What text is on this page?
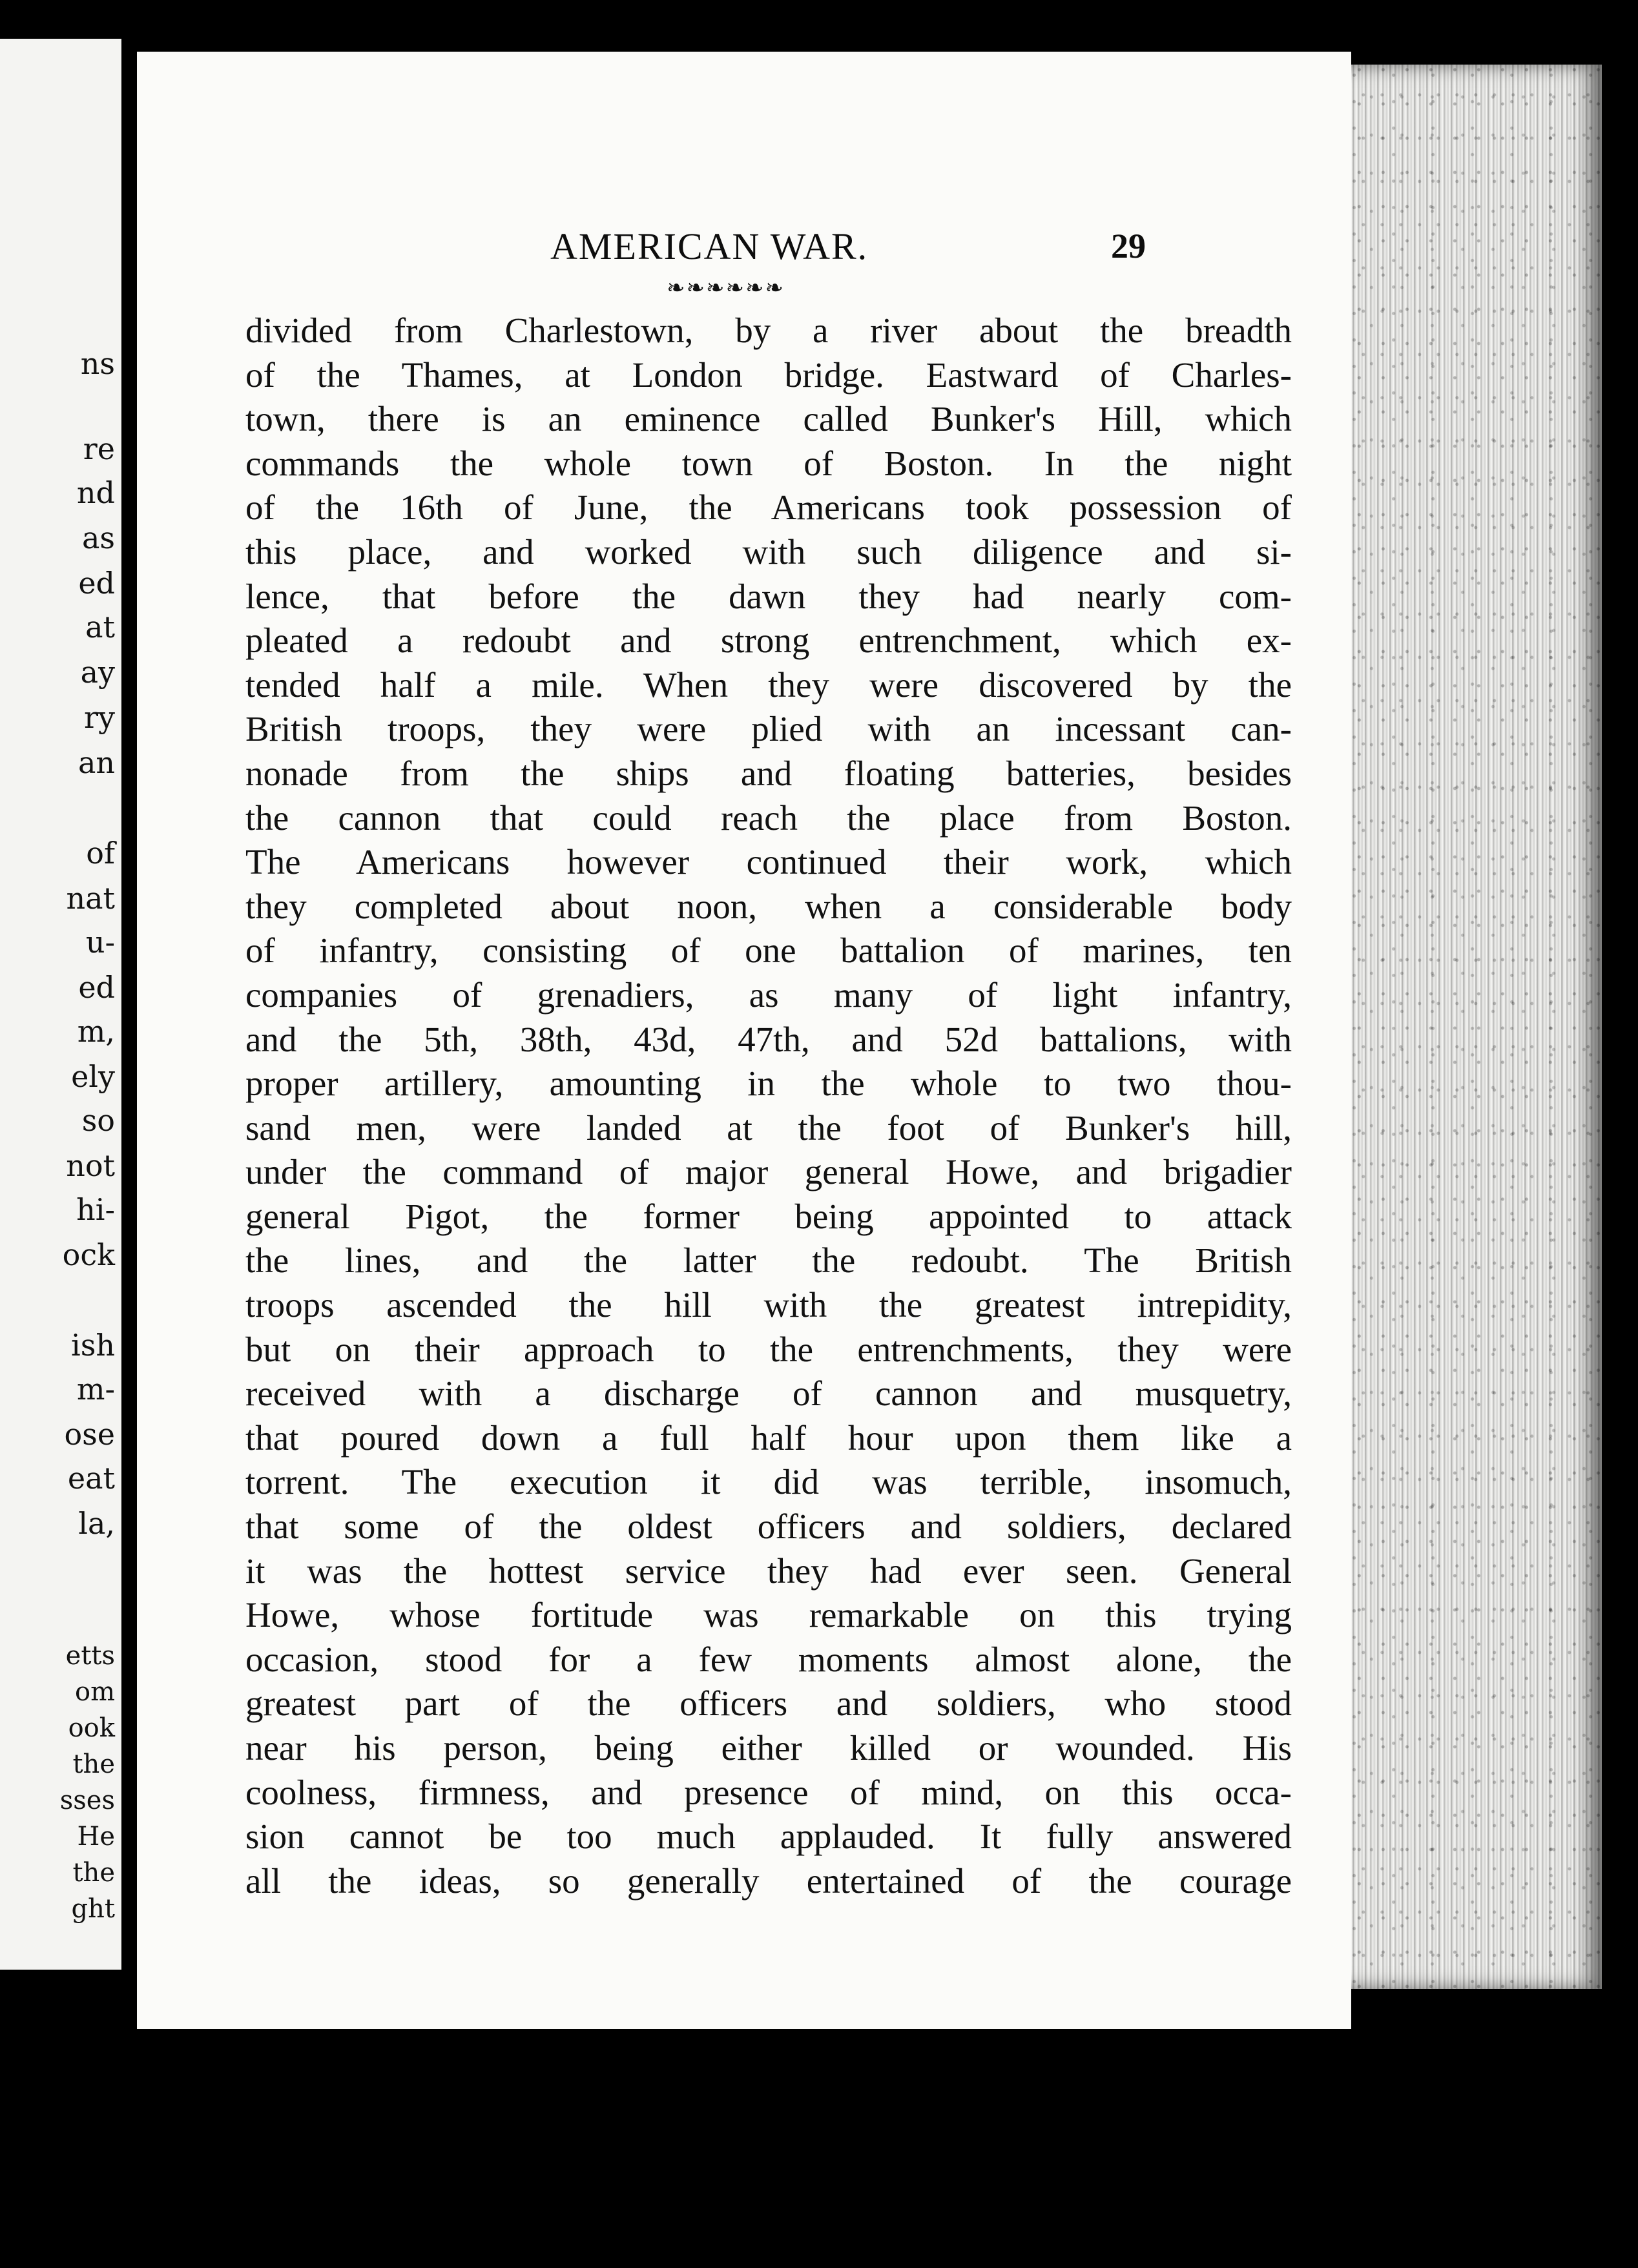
ns
re
nd
as
ed
at
ay
ry
an
of
nat
u-
ed
m,
ely
so
not
hi-
ock
ish
m-
ose
eat
la,
etts
om
ook
the
sses
He
the
ght
AMERICAN WAR.	29
❧❧❧❧❧❧
divided from Charlestown, by a river about the breadth
of the Thames, at London bridge. Eastward of Charles-
town, there is an eminence called Bunker's Hill, which
commands the whole town of Boston. In the night
of the 16th of June, the Americans took possession of
this place, and worked with such diligence and si-
lence, that before the dawn they had nearly com-
pleated a redoubt and strong entrenchment, which ex-
tended half a mile. When they were discovered by the
British troops, they were plied with an incessant can-
nonade from the ships and floating batteries, besides
the cannon that could reach the place from Boston.
The Americans however continued their work, which
they completed about noon, when a considerable body
of infantry, consisting of one battalion of marines, ten
companies of grenadiers, as many of light infantry,
and the 5th, 38th, 43d, 47th, and 52d battalions, with
proper artillery, amounting in the whole to two thou-
sand men, were landed at the foot of Bunker's hill,
under the command of major general Howe, and brigadier
general Pigot, the former being appointed to attack
the lines, and the latter the redoubt. The British
troops ascended the hill with the greatest intrepidity,
but on their approach to the entrenchments, they were
received with a discharge of cannon and musquetry,
that poured down a full half hour upon them like a
torrent. The execution it did was terrible, insomuch,
that some of the oldest officers and soldiers, declared
it was the hottest service they had ever seen. General
Howe, whose fortitude was remarkable on this trying
occasion, stood for a few moments almost alone, the
greatest part of the officers and soldiers, who stood
near his person, being either killed or wounded. His
coolness, firmness, and presence of mind, on this occa-
sion cannot be too much applauded. It fully answered
all the ideas, so generally entertained of the courage
